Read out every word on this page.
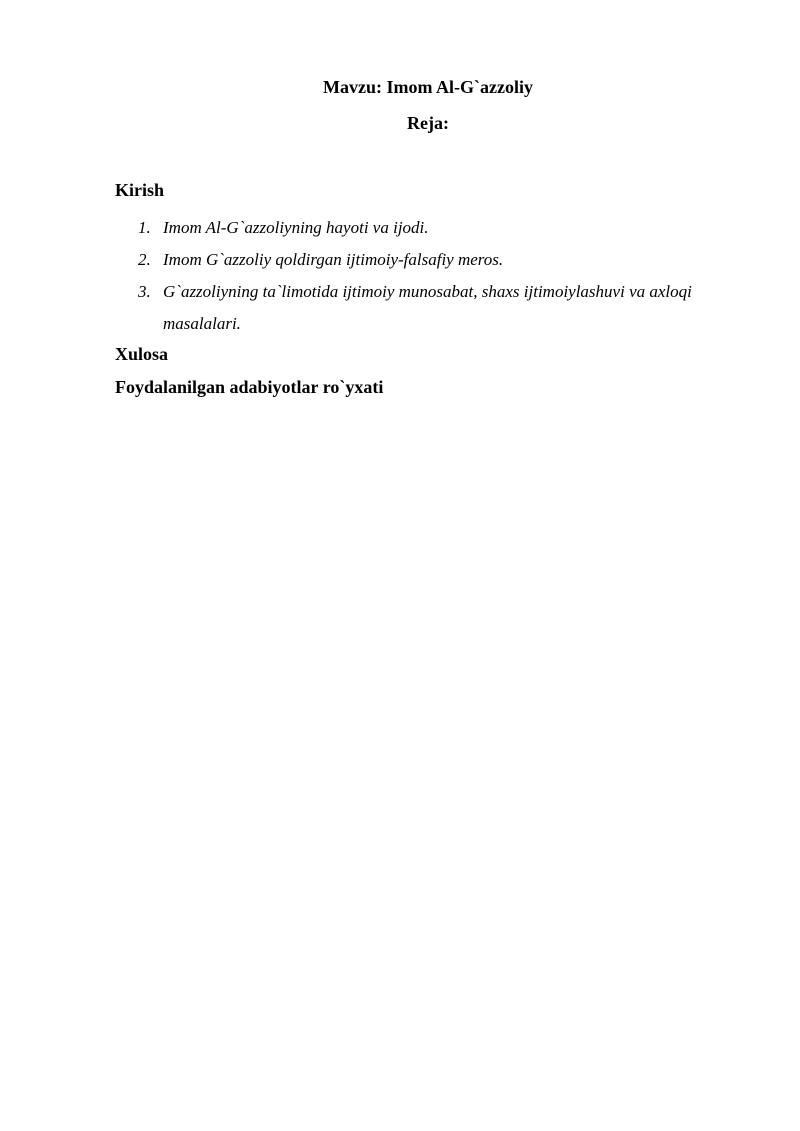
Mavzu: Imom Al-G`azzoliy
Reja:
Kirish
1. Imom Al-G`azzoliyning hayoti va ijodi.
2. Imom G`azzoliy qoldirgan ijtimoiy-falsafiy meros.
3. G`azzoliyning ta`limotida ijtimoiy munosabat, shaxs ijtimoiylashuvi va axloqi masalalari.
Xulosa
Foydalanilgan adabiyotlar ro`yxati
